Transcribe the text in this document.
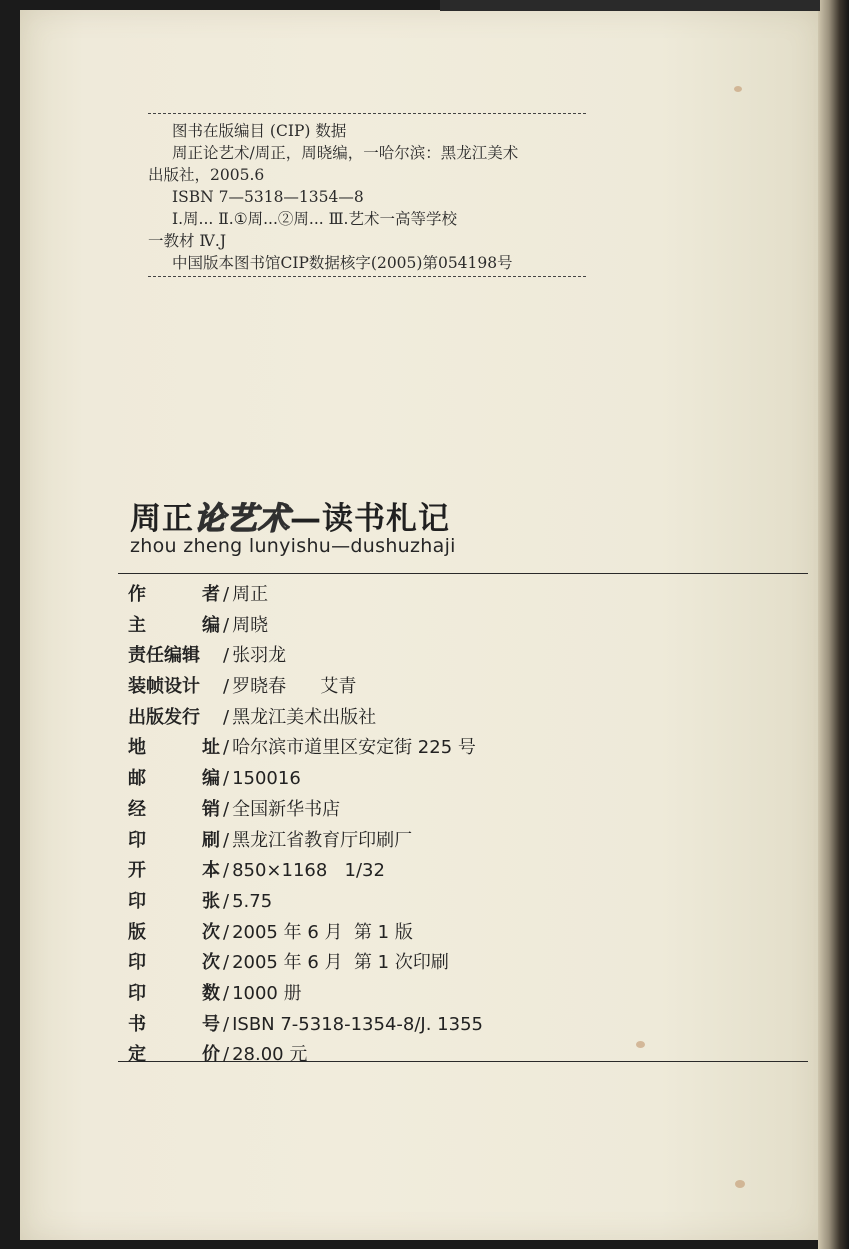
图书在版编目 (CIP) 数据
周正论艺术/周正，周晓编，一哈尔滨：黑龙江美术
出版社，2005.6
ISBN 7—5318—1354—8
Ⅰ.周... Ⅱ.①周...②周... Ⅲ.艺术一高等学校
一教材 Ⅳ.J
中国版本图书馆CIP数据核字(2005)第054198号
周正论艺术—读书札记
zhou zheng lunyishu—dushuzhaji
作	者 / 周正
主	编 / 周晓
责任编辑 / 张羽龙
装帧设计 / 罗晓春      艾青
出版发行 / 黑龙江美术出版社
地	址 / 哈尔滨市道里区安定街 225 号
邮	编 / 150016
经	销 / 全国新华书店
印	刷 / 黑龙江省教育厅印刷厂
开	本 / 850×1168   1/32
印	张 / 5.75
版	次 / 2005 年 6 月  第 1 版
印	次 / 2005 年 6 月  第 1 次印刷
印	数 / 1000 册
书	号 / ISBN 7-5318-1354-8/J. 1355
定	价 / 28.00 元
